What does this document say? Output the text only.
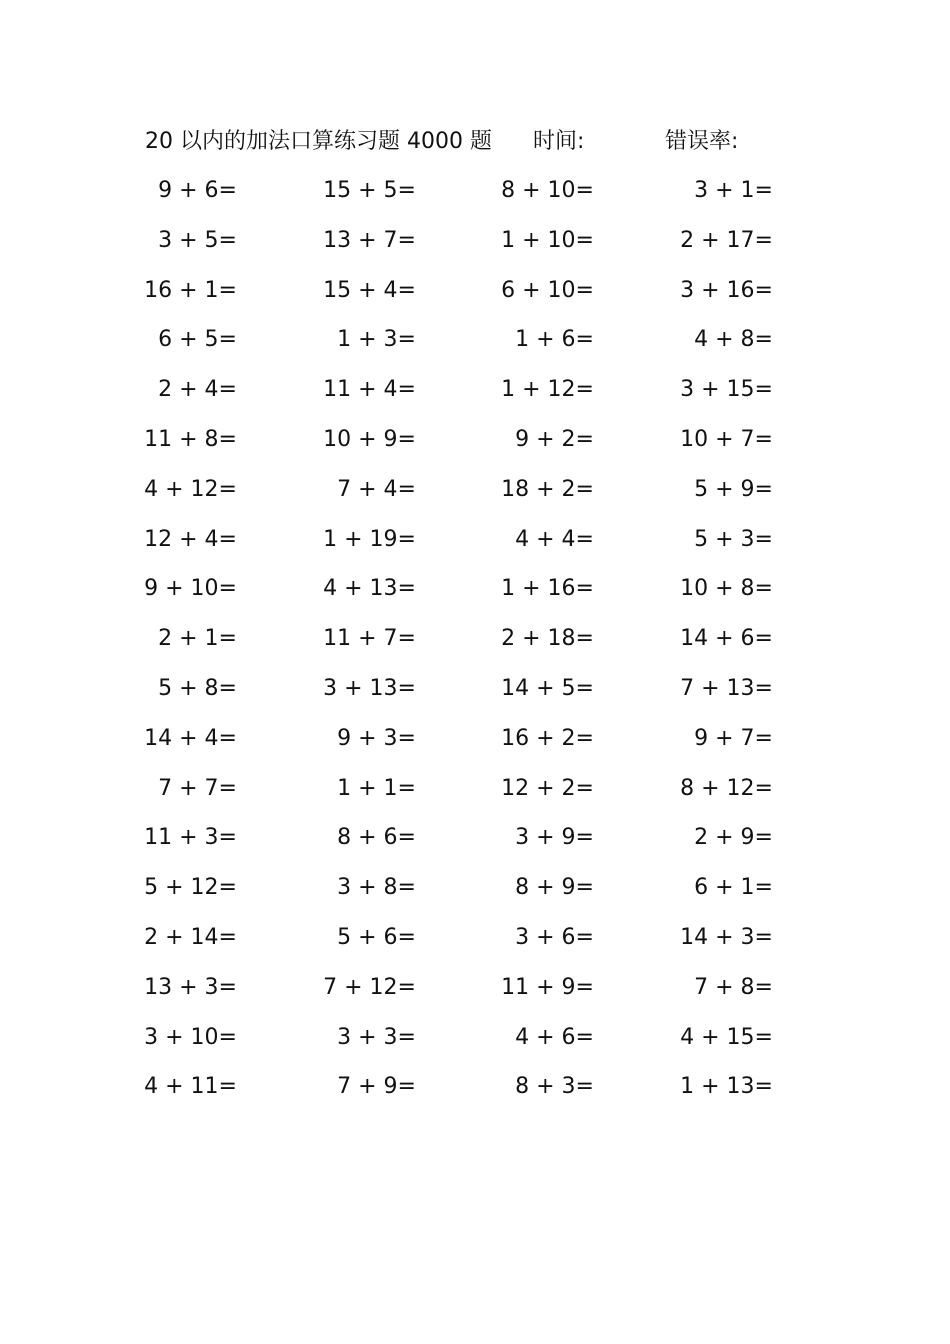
20 以内的加法口算练习题 4000 题 时间:	错误率:
9 + 6=	15 + 5=	8 + 10=	3 + 1=
3 + 5=	13 + 7=	1 + 10=	2 + 17=
16 + 1=	15 + 4=	6 + 10=	3 + 16=
6 + 5=	1 + 3=	1 + 6=	4 + 8=
2 + 4=	11 + 4=	1 + 12=	3 + 15=
11 + 8=	10 + 9=	9 + 2=	10 + 7=
4 + 12=	7 + 4=	18 + 2=	5 + 9=
12 + 4=	1 + 19=	4 + 4=	5 + 3=
9 + 10=	4 + 13=	1 + 16=	10 + 8=
2 + 1=	11 + 7=	2 + 18=	14 + 6=
5 + 8=	3 + 13=	14 + 5=	7 + 13=
14 + 4=	9 + 3=	16 + 2=	9 + 7=
7 + 7=	1 + 1=	12 + 2=	8 + 12=
11 + 3=	8 + 6=	3 + 9=	2 + 9=
5 + 12=	3 + 8=	8 + 9=	6 + 1=
2 + 14=	5 + 6=	3 + 6=	14 + 3=
13 + 3=	7 + 12=	11 + 9=	7 + 8=
3 + 10=	3 + 3=	4 + 6=	4 + 15=
4 + 11=	7 + 9=	8 + 3=	1 + 13=
